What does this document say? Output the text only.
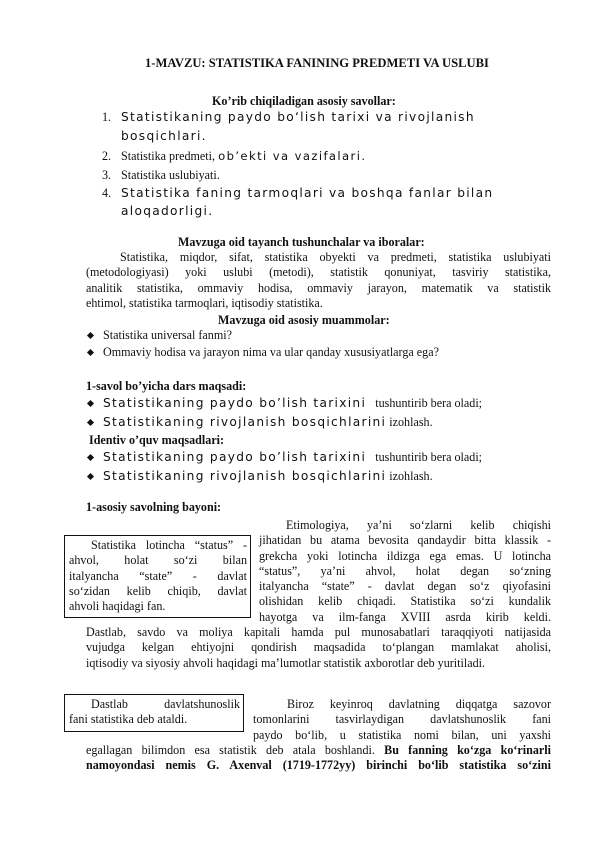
1-MAVZU: STATISTIKA FANINING PREDMETI VA USLUBI
Ko’rib chiqiladigan asosiy savollar:
1. Statistikaning paydo bo‘lish tarixi va rivojlanish
bosqichlari.
2. Statistika predmeti, ob’ekti va vazifalari.
3. Statistika uslubiyati.
4. Statistika faning tarmoqlari va boshqa fanlar bilan
aloqadorligi.
Mavzuga oid tayanch tushunchalar va iboralar:
Statistika, miqdor, sifat, statistika obyekti va predmeti, statistika uslubiyati
(metodologiyasi) yoki uslubi (metodi), statistik qonuniyat, tasviriy statistika,
analitik statistika, ommaviy hodisa, ommaviy jarayon, matematik va statistik
ehtimol, statistika tarmoqlari, iqtisodiy statistika.
Mavzuga oid asosiy muammolar:
Statistika universal fanmi?
Ommaviy hodisa va jarayon nima va ular qanday xususiyatlarga ega?
1-savol bo’yicha dars maqsadi:
Statistikaning paydo bo’lish tarixini tushuntirib bera oladi;
Statistikaning rivojlanish bosqichlarini izohlash.
Identiv o’quv maqsadlari:
Statistikaning paydo bo’lish tarixini tushuntirib bera oladi;
Statistikaning rivojlanish bosqichlarini izohlash.
1-asosiy savolning bayoni:
Statistika lotincha “status” -
ahvol, holat so‘zi bilan
italyancha “state” - davlat
so‘zidan kelib chiqib, davlat
ahvoli haqidagi fan.
Etimologiya, ya’ni so‘zlarni kelib chiqishi
jihatidan bu atama bevosita qandaydir bitta klassik -
grekcha yoki lotincha ildizga ega emas. U lotincha
“status”, ya’ni ahvol, holat degan so‘zning
italyancha “state” - davlat degan so‘z qiyofasini
olishidan kelib chiqadi. Statistika so‘zi kundalik
hayotga va ilm-fanga XVIII asrda kirib keldi.
Dastlab, savdo va moliya kapitali hamda pul munosabatlari taraqqiyoti natijasida
vujudga kelgan ehtiyojni qondirish maqsadida to‘plangan mamlakat aholisi,
iqtisodiy va siyosiy ahvoli haqidagi ma’lumotlar statistik axborotlar deb yuritiladi.
Dastlab davlatshunoslik
fani statistika deb ataldi.
Biroz keyinroq davlatning diqqatga sazovor
tomonlarini tasvirlaydigan davlatshunoslik fani
paydo bo‘lib, u statistika nomi bilan, uni yaxshi
egallagan bilimdon esa statistik deb atala boshlandi. Bu fanning ko‘zga ko‘rinarli
namoyondasi nemis G. Axenval (1719-1772yy) birinchi bo‘lib statistika so‘zini
